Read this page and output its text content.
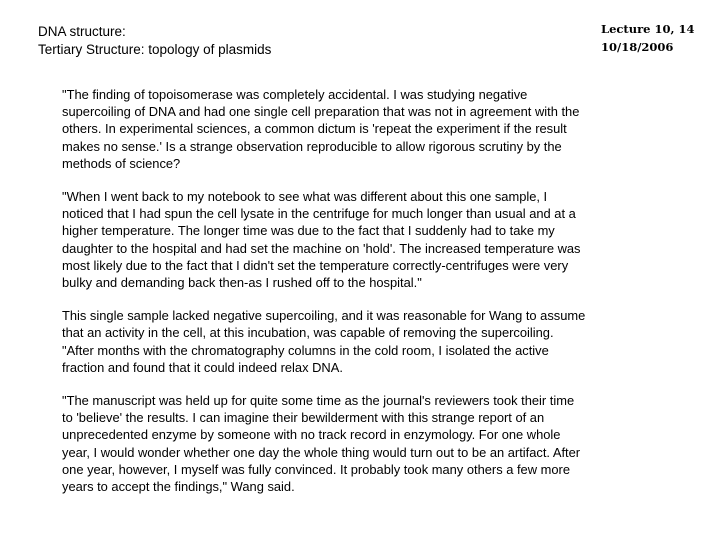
DNA structure:
Tertiary Structure: topology of plasmids
Lecture 10, 14
10/18/2006

"The finding of topoisomerase was completely accidental. I was studying negative
supercoiling of DNA and had one single cell preparation that was not in agreement with the
others. In experimental sciences, a common dictum is 'repeat the experiment if the result
makes no sense.' Is a strange observation reproducible to allow rigorous scrutiny by the
methods of science?

"When I went back to my notebook to see what was different about this one sample, I
noticed that I had spun the cell lysate in the centrifuge for much longer than usual and at a
higher temperature. The longer time was due to the fact that I suddenly had to take my
daughter to the hospital and had set the machine on 'hold'. The increased temperature was
most likely due to the fact that I didn't set the temperature correctly-centrifuges were very
bulky and demanding back then-as I rushed off to the hospital."

This single sample lacked negative supercoiling, and it was reasonable for Wang to assume
that an activity in the cell, at this incubation, was capable of removing the supercoiling.
"After months with the chromatography columns in the cold room, I isolated the active
fraction and found that it could indeed relax DNA.

"The manuscript was held up for quite some time as the journal's reviewers took their time
to 'believe' the results. I can imagine their bewilderment with this strange report of an
unprecedented enzyme by someone with no track record in enzymology. For one whole
year, I would wonder whether one day the whole thing would turn out to be an artifact. After
one year, however, I myself was fully convinced. It probably took many others a few more
years to accept the findings," Wang said.
